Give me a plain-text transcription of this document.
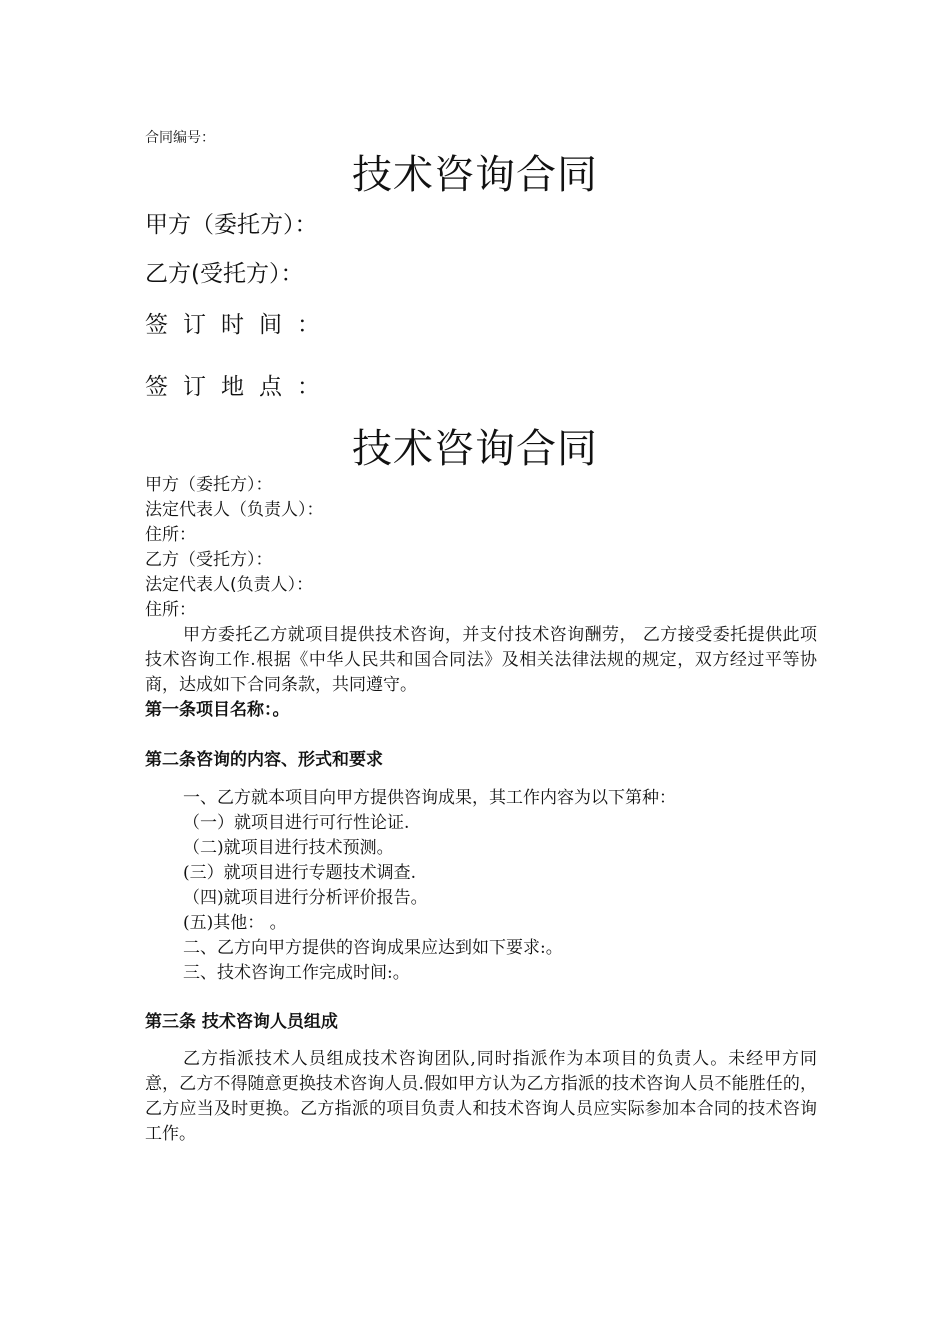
合同编号：
技术咨询合同
甲方（委托方）：
乙方(受托方）：
签订时间：
签订地点：
技术咨询合同
甲方（委托方）：
法定代表人（负责人）：
住所：
乙方（受托方）：
法定代表人(负责人）：
住所：
甲方委托乙方就项目提供技术咨询，并支付技术咨询酬劳， 乙方接受委托提供此项技术咨询工作.根据《中华人民共和国合同法》及相关法律法规的规定，双方经过平等协商，达成如下合同条款，共同遵守。
第一条项目名称：。
第二条咨询的内容、形式和要求
一、乙方就本项目向甲方提供咨询成果，其工作内容为以下第种：
（一）就项目进行可行性论证.
（二)就项目进行技术预测。
(三）就项目进行专题技术调查.
（四)就项目进行分析评价报告。
(五)其他： 。
二、乙方向甲方提供的咨询成果应达到如下要求:。
三、技术咨询工作完成时间:。
第三条 技术咨询人员组成
乙方指派技术人员组成技术咨询团队,同时指派作为本项目的负责人。未经甲方同意，乙方不得随意更换技术咨询人员.假如甲方认为乙方指派的技术咨询人员不能胜任的，乙方应当及时更换。乙方指派的项目负责人和技术咨询人员应实际参加本合同的技术咨询工作。
